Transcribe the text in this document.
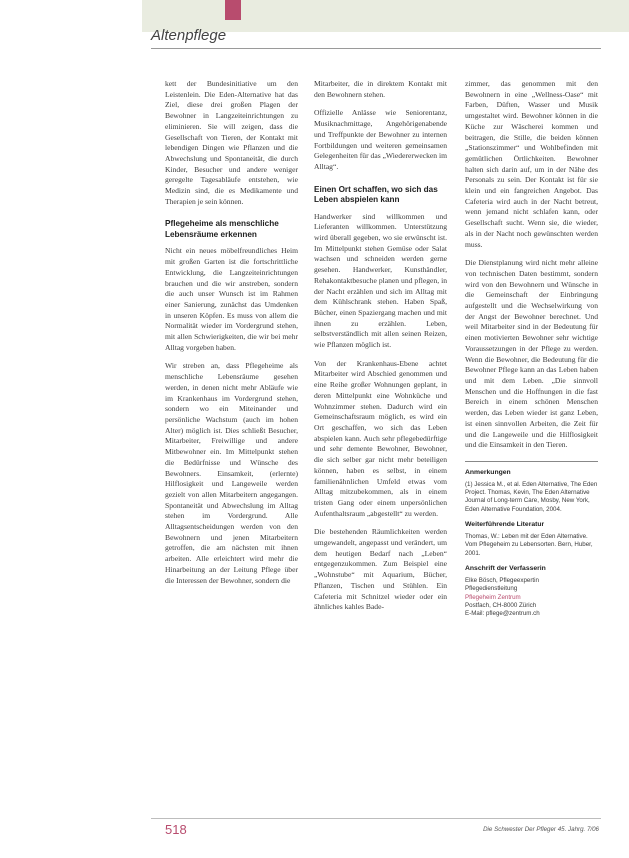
Altenpflege

kett der Bundesinitiative um den Leistenlein. Die Eden-Alternative hat das Ziel, diese drei großen Plagen der Bewohner in Langzeiteinrichtungen zu eliminieren. Sie will zeigen, dass die Gesellschaft von Tieren, der Kontakt mit lebendigen Dingen wie Pflanzen und die Abwechslung und Spontaneität, die durch Kinder, Besucher und andere weniger geregelte Tagesabläufe entstehen, wie Medizin sind, die es Medikamente und Therapien je sein können.

Pflegeheime als menschliche Lebensräume erkennen

Nicht ein neues möbelfreundliches Heim mit großen Garten ist die fortschrittliche Entwicklung, die Langzeiteinrichtungen brauchen und die wir anstreben, sondern die auch unser Wunsch ist im Rahmen einer Sanierung, zunächst das Umdenken in unseren Köpfen. Es muss von allem die Normalität wieder im Vordergrund stehen, mit allen Schwierigkeiten, die wir bei mehr Alltag vorgeben haben.

Wir streben an, dass Pflegeheime als menschliche Lebensräume gesehen werden, in denen nicht mehr Abläufe wie im Krankenhaus im Vordergrund stehen, sondern wo ein Miteinander und persönliche Wachstum (auch im hohen Alter) möglich ist. Dies schließt Besucher, Mitarbeiter, Freiwillige und andere Mitbewohner ein. Im Mittelpunkt stehen die Bedürfnisse und Wünsche des Bewohners. Einsamkeit, (erlernte) Hilflosigkeit und Langeweile werden gezielt von allen Mitarbeitern angegangen. Spontaneität und Abwechslung im Alltag stehen im Vordergrund. Alle Alltagsentscheidungen werden von den Bewohnern und jenen Mitarbeitern getroffen, die am nächsten mit ihnen arbeiten. Alle erleichtert wird mehr die Hinarbeitung an der Leitung Pflege über die Interessen der Bewohner, sondern die

Mitarbeiter, die in direktem Kontakt mit den Bewohnern stehen.

Offizielle Anlässe wie Seniorentanz, Musiknachmittage, Angehörigenabende und Treffpunkte der Bewohner zu internen Fortbildungen und weiteren gemeinsamen Gelegenheiten für das „Wiedererwecken im Alltag“.

Einen Ort schaffen, wo sich das Leben abspielen kann

Handwerker sind willkommen und Lieferanten willkommen. Unterstützung wird überall gegeben, wo sie erwünscht ist. Im Mittelpunkt stehen Gemüse oder Salat wachsen und schneiden werden gerne gesehen. Handwerker, Kunsthändler, Rehakontaktbesuche planen und pflegen, in der Nacht erzählen und sich im Alltag mit dem Kühlschrank stehen. Haben Spaß, Bücher, einen Spaziergang machen und mit ihnen zu erzählen. Leben, selbstverständlich mit allen seinen Reizen, wie Pflanzen möglich ist.

Von der Krankenhaus-Ebene achtet Mitarbeiter wird Abschied genommen und eine Reihe großer Wohnungen geplant, in deren Mittelpunkt eine Wohnküche und Wohnzimmer stehen. Dadurch wird ein Gemeinschaftsraum möglich, es wird ein Ort geschaffen, wo sich das Leben abspielen kann. Auch sehr pflegebedürftige und sehr demente Bewohner, Bewohner, die sich selber gar nicht mehr beteiligen können, haben es selbst, in einem familienähnlichen Umfeld etwas vom Alltag mitzubekommen, als in einem tristen Gang oder einem unpersönlichen Aufenthaltsraum „abgestellt“ zu werden.

Die bestehenden Räumlichkeiten werden umgewandelt, angepasst und verändert, um dem heutigen Bedarf nach „Leben“ entgegenzukommen. Zum Beispiel eine „Wohnstube“ mit Aquarium, Bücher, Pflanzen, Tischen und Stühlen. Ein Cafeteria mit Schnitzel wieder oder ein ähnliches kahles Bade-

zimmer, das genommen mit den Bewohnern in eine „Wellness-Oase“ mit Farben, Düften, Wasser und Musik umgestaltet wird. Bewohner können in die Küche zur Wäscherei kommen und beitragen, die Stille, die beiden können „Stationszimmer“ und Wohlbefinden mit gemütlichen Örtlichkeiten. Bewohner halten sich darin auf, um in der Nähe des Personals zu sein. Der Kontakt ist für sie klein und ein fangreichen Angebot. Das Cafeteria wird auch in der Nacht betreut, wenn jemand nicht schlafen kann, oder Gesellschaft sucht. Wenn sie, die wieder, als in der Nacht noch gewünschten werden muss.

Die Dienstplanung wird nicht mehr alleine von technischen Daten bestimmt, sondern wird von den Bewohnern und Wünsche in die Gemeinschaft der Einbringung aufgestellt und die Wechselwirkung von der Angst der Bewohner berechnet. Und weil Mitarbeiter sind in der Bedeutung für einen motivierten Bewohner sehr wichtige Voraussetzungen in der Pflege zu werden. Wenn die Bewohner, die Bedeutung für die Bewohner Pflege kann an das Leben haben und mit dem Leben. „Die sinnvoll Menschen und die Hoffnungen in die fast Bereich in einem schönen Menschen werden, das Leben wieder ist ganz Leben, ist einen sinnvollen Arbeiten, die Zeit für und die Langeweile und die Hilflosigkeit und die Einsamkeit in den Tieren.

Anmerkungen

(1) Jessica M., et al. Eden Alternative, The Eden Project. Thomas, Kevin, The Eden Alternative Journal of Long-term Care, Mosby, New York, Eden Alternative Foundation, 2004.

Weiterführende Literatur

Thomas, W.: Leben mit der Eden Alternative. Vom Pflegeheim zu Lebensorten. Bern, Huber, 2001.

Anschrift der Verfasserin

Elke Bösch, Pflegeexpertin
Pflegedienstleitung
Pflegeheim Zentrum
Postfach, CH-8000 Zürich
E-Mail: pflege@zentrum.ch

518	Die Schwester Der Pfleger 45. Jahrg. 7/06
